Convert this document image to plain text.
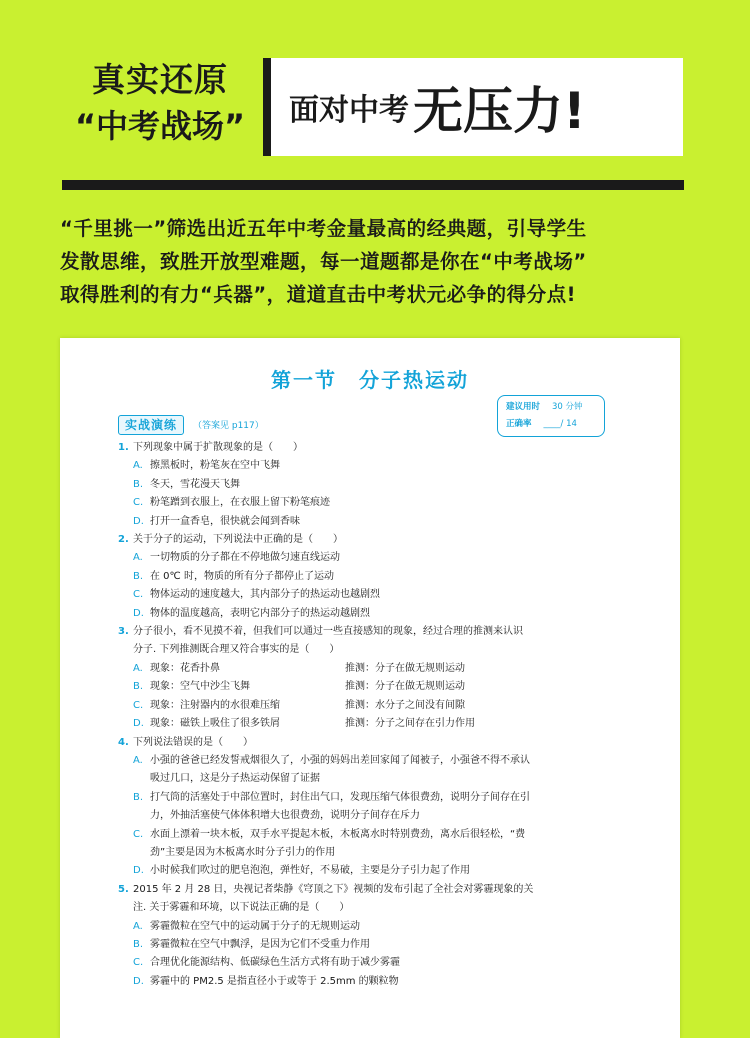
真实还原
“中考战场”	面对中考 无压力!
“千里挑一”筛选出近五年中考金量最高的经典题，引导学生
发散思维，致胜开放型难题，每一道题都是你在“中考战场”
取得胜利的有力“兵器”，道道直击中考状元必争的得分点!
第一节 分子热运动
建议用时 30 分钟
正确率 ____/ 14
实战演练	（答案见 p117）
1. 下列现象中属于扩散现象的是（　　）
A. 擦黑板时，粉笔灰在空中飞舞
B. 冬天，雪花漫天飞舞
C. 粉笔蹭到衣服上，在衣服上留下粉笔痕迹
D. 打开一盒香皂，很快就会闻到香味
2. 关于分子的运动，下列说法中正确的是（　　）
A. 一切物质的分子都在不停地做匀速直线运动
B. 在 0℃ 时，物质的所有分子都停止了运动
C. 物体运动的速度越大，其内部分子的热运动也越剧烈
D. 物体的温度越高，表明它内部分子的热运动越剧烈
3. 分子很小，看不见摸不着，但我们可以通过一些直接感知的现象，经过合理的推测来认识
分子. 下列推测既合理又符合事实的是（　　）
A. 现象：花香扑鼻	推测：分子在做无规则运动
B. 现象：空气中沙尘飞舞	推测：分子在做无规则运动
C. 现象：注射器内的水很难压缩	推测：水分子之间没有间隙
D. 现象：磁铁上吸住了很多铁屑	推测：分子之间存在引力作用
4. 下列说法错误的是（　　）
A. 小强的爸爸已经发誓戒烟很久了，小强的妈妈出差回家闻了闻被子，小强爸不得不承认
吸过几口，这是分子热运动保留了证据
B. 打气筒的活塞处于中部位置时，封住出气口，发现压缩气体很费劲，说明分子间存在引
力，外抽活塞使气体体积增大也很费劲，说明分子间存在斥力
C. 水面上漂着一块木板，双手水平提起木板，木板离水时特别费劲，离水后很轻松，“费
劲”主要是因为木板离水时分子引力的作用
D. 小时候我们吹过的肥皂泡泡，弹性好，不易破，主要是分子引力起了作用
5. 2015 年 2 月 28 日，央视记者柴静《穹顶之下》视频的发布引起了全社会对雾霾现象的关
注. 关于雾霾和环境，以下说法正确的是（　　）
A. 雾霾微粒在空气中的运动属于分子的无规则运动
B. 雾霾微粒在空气中飘浮，是因为它们不受重力作用
C. 合理优化能源结构、低碳绿色生活方式将有助于减少雾霾
D. 雾霾中的 PM2.5 是指直径小于或等于 2.5mm 的颗粒物
